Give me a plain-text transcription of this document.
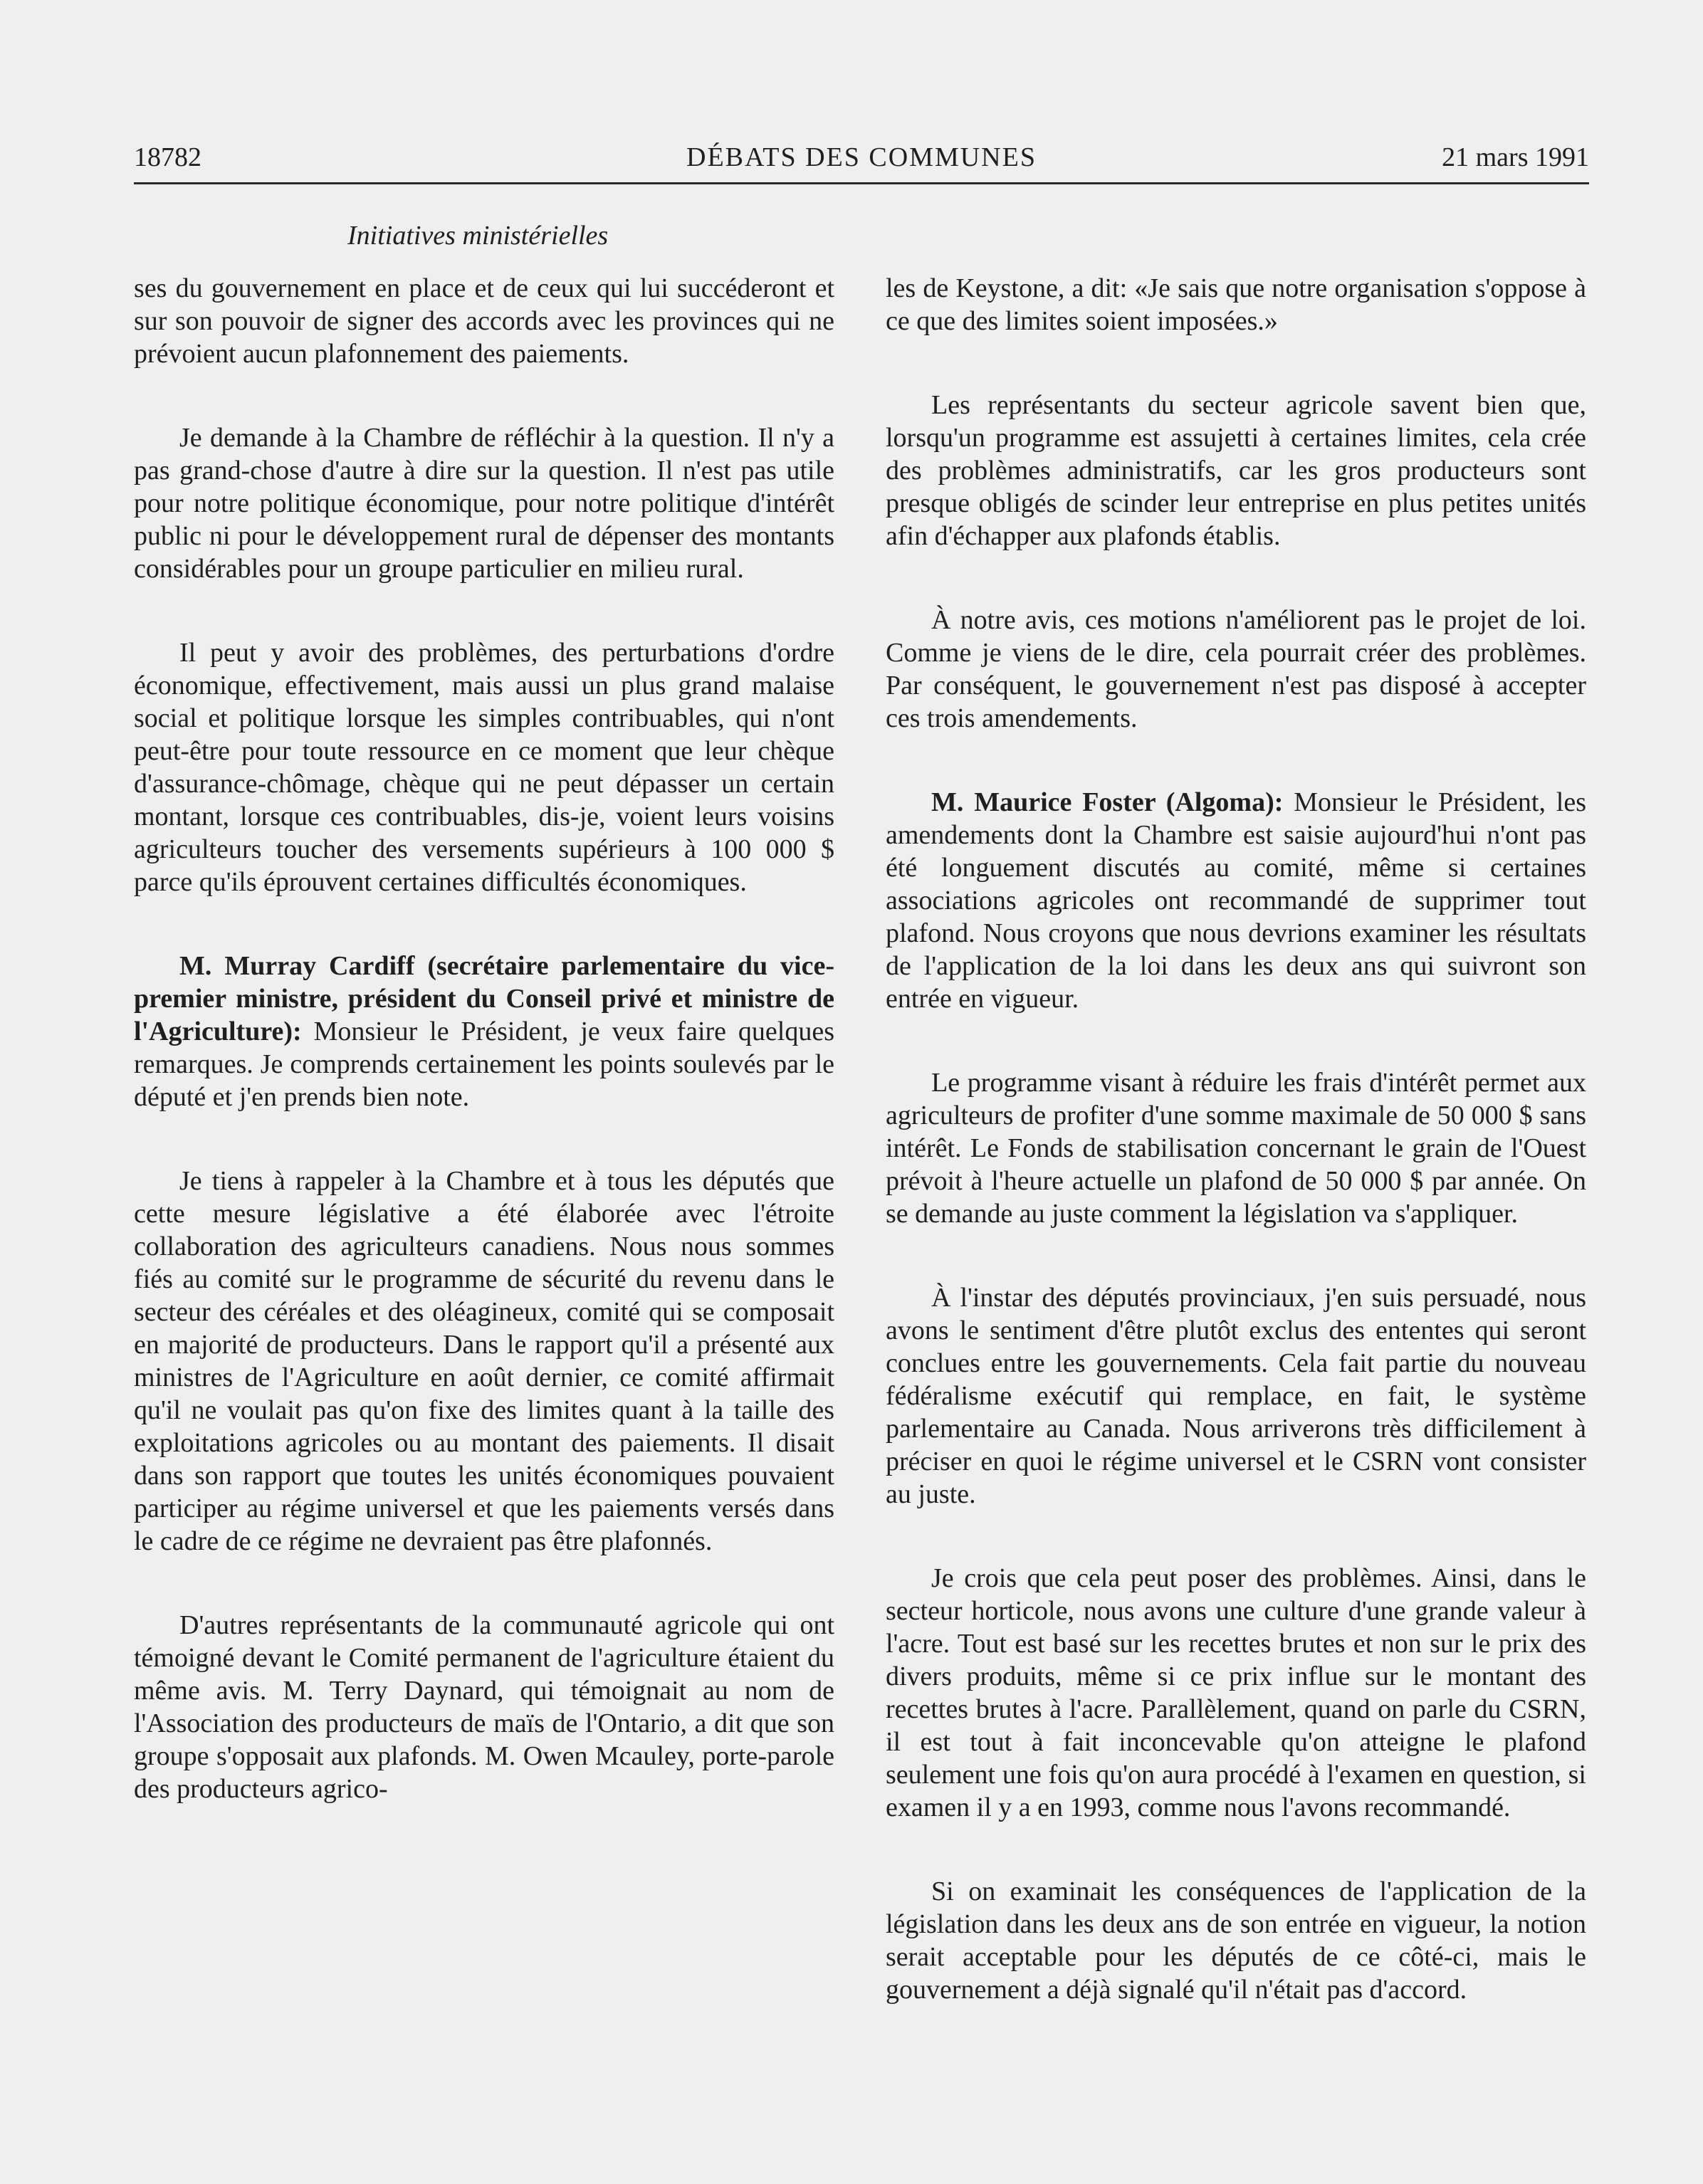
18782	DÉBATS DES COMMUNES	21 mars 1991
Initiatives ministérielles

ses du gouvernement en place et de ceux qui lui succéderont et sur son pouvoir de signer des accords avec les provinces qui ne prévoient aucun plafonnement des paiements.

Je demande à la Chambre de réfléchir à la question. Il n'y a pas grand-chose d'autre à dire sur la question. Il n'est pas utile pour notre politique économique, pour notre politique d'intérêt public ni pour le développement rural de dépenser des montants considérables pour un groupe particulier en milieu rural.

Il peut y avoir des problèmes, des perturbations d'ordre économique, effectivement, mais aussi un plus grand malaise social et politique lorsque les simples contribuables, qui n'ont peut-être pour toute ressource en ce moment que leur chèque d'assurance-chômage, chèque qui ne peut dépasser un certain montant, lorsque ces contribuables, dis-je, voient leurs voisins agriculteurs toucher des versements supérieurs à 100 000 $ parce qu'ils éprouvent certaines difficultés économiques.

M. Murray Cardiff (secrétaire parlementaire du vice-premier ministre, président du Conseil privé et ministre de l'Agriculture): Monsieur le Président, je veux faire quelques remarques. Je comprends certainement les points soulevés par le député et j'en prends bien note.

Je tiens à rappeler à la Chambre et à tous les députés que cette mesure législative a été élaborée avec l'étroite collaboration des agriculteurs canadiens. Nous nous sommes fiés au comité sur le programme de sécurité du revenu dans le secteur des céréales et des oléagineux, comité qui se composait en majorité de producteurs. Dans le rapport qu'il a présenté aux ministres de l'Agriculture en août dernier, ce comité affirmait qu'il ne voulait pas qu'on fixe des limites quant à la taille des exploitations agricoles ou au montant des paiements. Il disait dans son rapport que toutes les unités économiques pouvaient participer au régime universel et que les paiements versés dans le cadre de ce régime ne devraient pas être plafonnés.

D'autres représentants de la communauté agricole qui ont témoigné devant le Comité permanent de l'agriculture étaient du même avis. M. Terry Daynard, qui témoignait au nom de l'Association des producteurs de maïs de l'Ontario, a dit que son groupe s'opposait aux plafonds. M. Owen Mcauley, porte-parole des producteurs agrico-

les de Keystone, a dit: «Je sais que notre organisation s'oppose à ce que des limites soient imposées.»

Les représentants du secteur agricole savent bien que, lorsqu'un programme est assujetti à certaines limites, cela crée des problèmes administratifs, car les gros producteurs sont presque obligés de scinder leur entreprise en plus petites unités afin d'échapper aux plafonds établis.

À notre avis, ces motions n'améliorent pas le projet de loi. Comme je viens de le dire, cela pourrait créer des problèmes. Par conséquent, le gouvernement n'est pas disposé à accepter ces trois amendements.

M. Maurice Foster (Algoma): Monsieur le Président, les amendements dont la Chambre est saisie aujourd'hui n'ont pas été longuement discutés au comité, même si certaines associations agricoles ont recommandé de supprimer tout plafond. Nous croyons que nous devrions examiner les résultats de l'application de la loi dans les deux ans qui suivront son entrée en vigueur.

Le programme visant à réduire les frais d'intérêt permet aux agriculteurs de profiter d'une somme maximale de 50 000 $ sans intérêt. Le Fonds de stabilisation concernant le grain de l'Ouest prévoit à l'heure actuelle un plafond de 50 000 $ par année. On se demande au juste comment la législation va s'appliquer.

À l'instar des députés provinciaux, j'en suis persuadé, nous avons le sentiment d'être plutôt exclus des ententes qui seront conclues entre les gouvernements. Cela fait partie du nouveau fédéralisme exécutif qui remplace, en fait, le système parlementaire au Canada. Nous arriverons très difficilement à préciser en quoi le régime universel et le CSRN vont consister au juste.

Je crois que cela peut poser des problèmes. Ainsi, dans le secteur horticole, nous avons une culture d'une grande valeur à l'acre. Tout est basé sur les recettes brutes et non sur le prix des divers produits, même si ce prix influe sur le montant des recettes brutes à l'acre. Parallèlement, quand on parle du CSRN, il est tout à fait inconcevable qu'on atteigne le plafond seulement une fois qu'on aura procédé à l'examen en question, si examen il y a en 1993, comme nous l'avons recommandé.

Si on examinait les conséquences de l'application de la législation dans les deux ans de son entrée en vigueur, la notion serait acceptable pour les députés de ce côté-ci, mais le gouvernement a déjà signalé qu'il n'était pas d'accord.
